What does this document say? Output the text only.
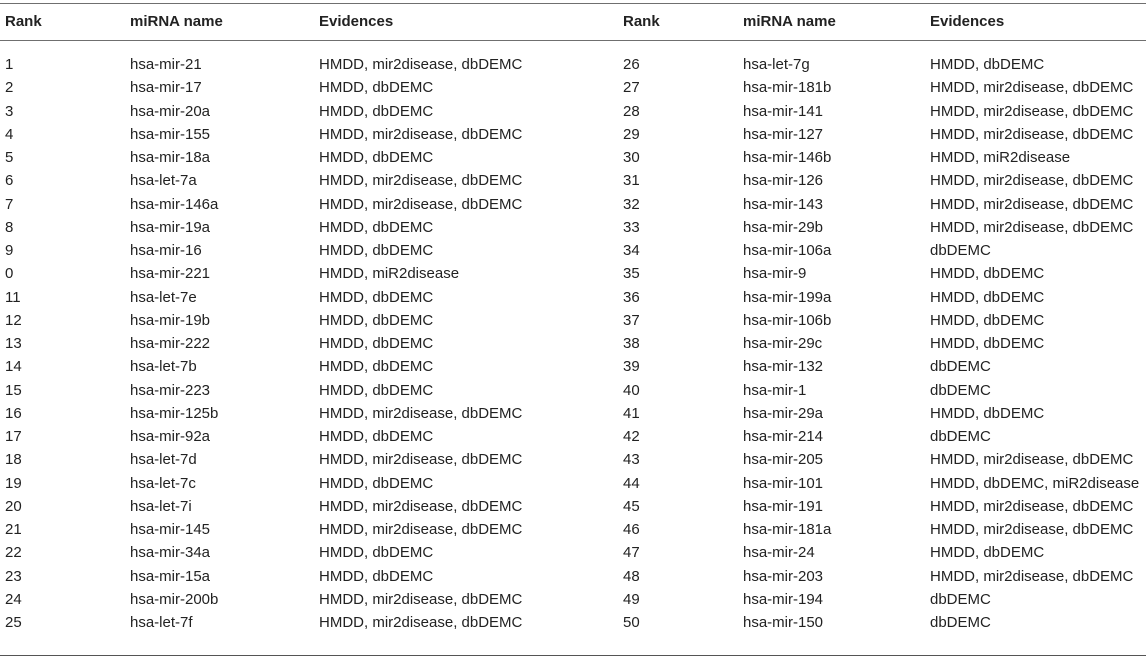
Rank	miRNA name	Evidences	Rank	miRNA name	Evidences
1	hsa-mir-21	HMDD, mir2disease, dbDEMC	26	hsa-let-7g	HMDD, dbDEMC
2	hsa-mir-17	HMDD, dbDEMC	27	hsa-mir-181b	HMDD, mir2disease, dbDEMC
3	hsa-mir-20a	HMDD, dbDEMC	28	hsa-mir-141	HMDD, mir2disease, dbDEMC
4	hsa-mir-155	HMDD, mir2disease, dbDEMC	29	hsa-mir-127	HMDD, mir2disease, dbDEMC
5	hsa-mir-18a	HMDD, dbDEMC	30	hsa-mir-146b	HMDD, miR2disease
6	hsa-let-7a	HMDD, mir2disease, dbDEMC	31	hsa-mir-126	HMDD, mir2disease, dbDEMC
7	hsa-mir-146a	HMDD, mir2disease, dbDEMC	32	hsa-mir-143	HMDD, mir2disease, dbDEMC
8	hsa-mir-19a	HMDD, dbDEMC	33	hsa-mir-29b	HMDD, mir2disease, dbDEMC
9	hsa-mir-16	HMDD, dbDEMC	34	hsa-mir-106a	dbDEMC
0	hsa-mir-221	HMDD, miR2disease	35	hsa-mir-9	HMDD, dbDEMC
11	hsa-let-7e	HMDD, dbDEMC	36	hsa-mir-199a	HMDD, dbDEMC
12	hsa-mir-19b	HMDD, dbDEMC	37	hsa-mir-106b	HMDD, dbDEMC
13	hsa-mir-222	HMDD, dbDEMC	38	hsa-mir-29c	HMDD, dbDEMC
14	hsa-let-7b	HMDD, dbDEMC	39	hsa-mir-132	dbDEMC
15	hsa-mir-223	HMDD, dbDEMC	40	hsa-mir-1	dbDEMC
16	hsa-mir-125b	HMDD, mir2disease, dbDEMC	41	hsa-mir-29a	HMDD, dbDEMC
17	hsa-mir-92a	HMDD, dbDEMC	42	hsa-mir-214	dbDEMC
18	hsa-let-7d	HMDD, mir2disease, dbDEMC	43	hsa-mir-205	HMDD, mir2disease, dbDEMC
19	hsa-let-7c	HMDD, dbDEMC	44	hsa-mir-101	HMDD, dbDEMC, miR2disease
20	hsa-let-7i	HMDD, mir2disease, dbDEMC	45	hsa-mir-191	HMDD, mir2disease, dbDEMC
21	hsa-mir-145	HMDD, mir2disease, dbDEMC	46	hsa-mir-181a	HMDD, mir2disease, dbDEMC
22	hsa-mir-34a	HMDD, dbDEMC	47	hsa-mir-24	HMDD, dbDEMC
23	hsa-mir-15a	HMDD, dbDEMC	48	hsa-mir-203	HMDD, mir2disease, dbDEMC
24	hsa-mir-200b	HMDD, mir2disease, dbDEMC	49	hsa-mir-194	dbDEMC
25	hsa-let-7f	HMDD, mir2disease, dbDEMC	50	hsa-mir-150	dbDEMC
